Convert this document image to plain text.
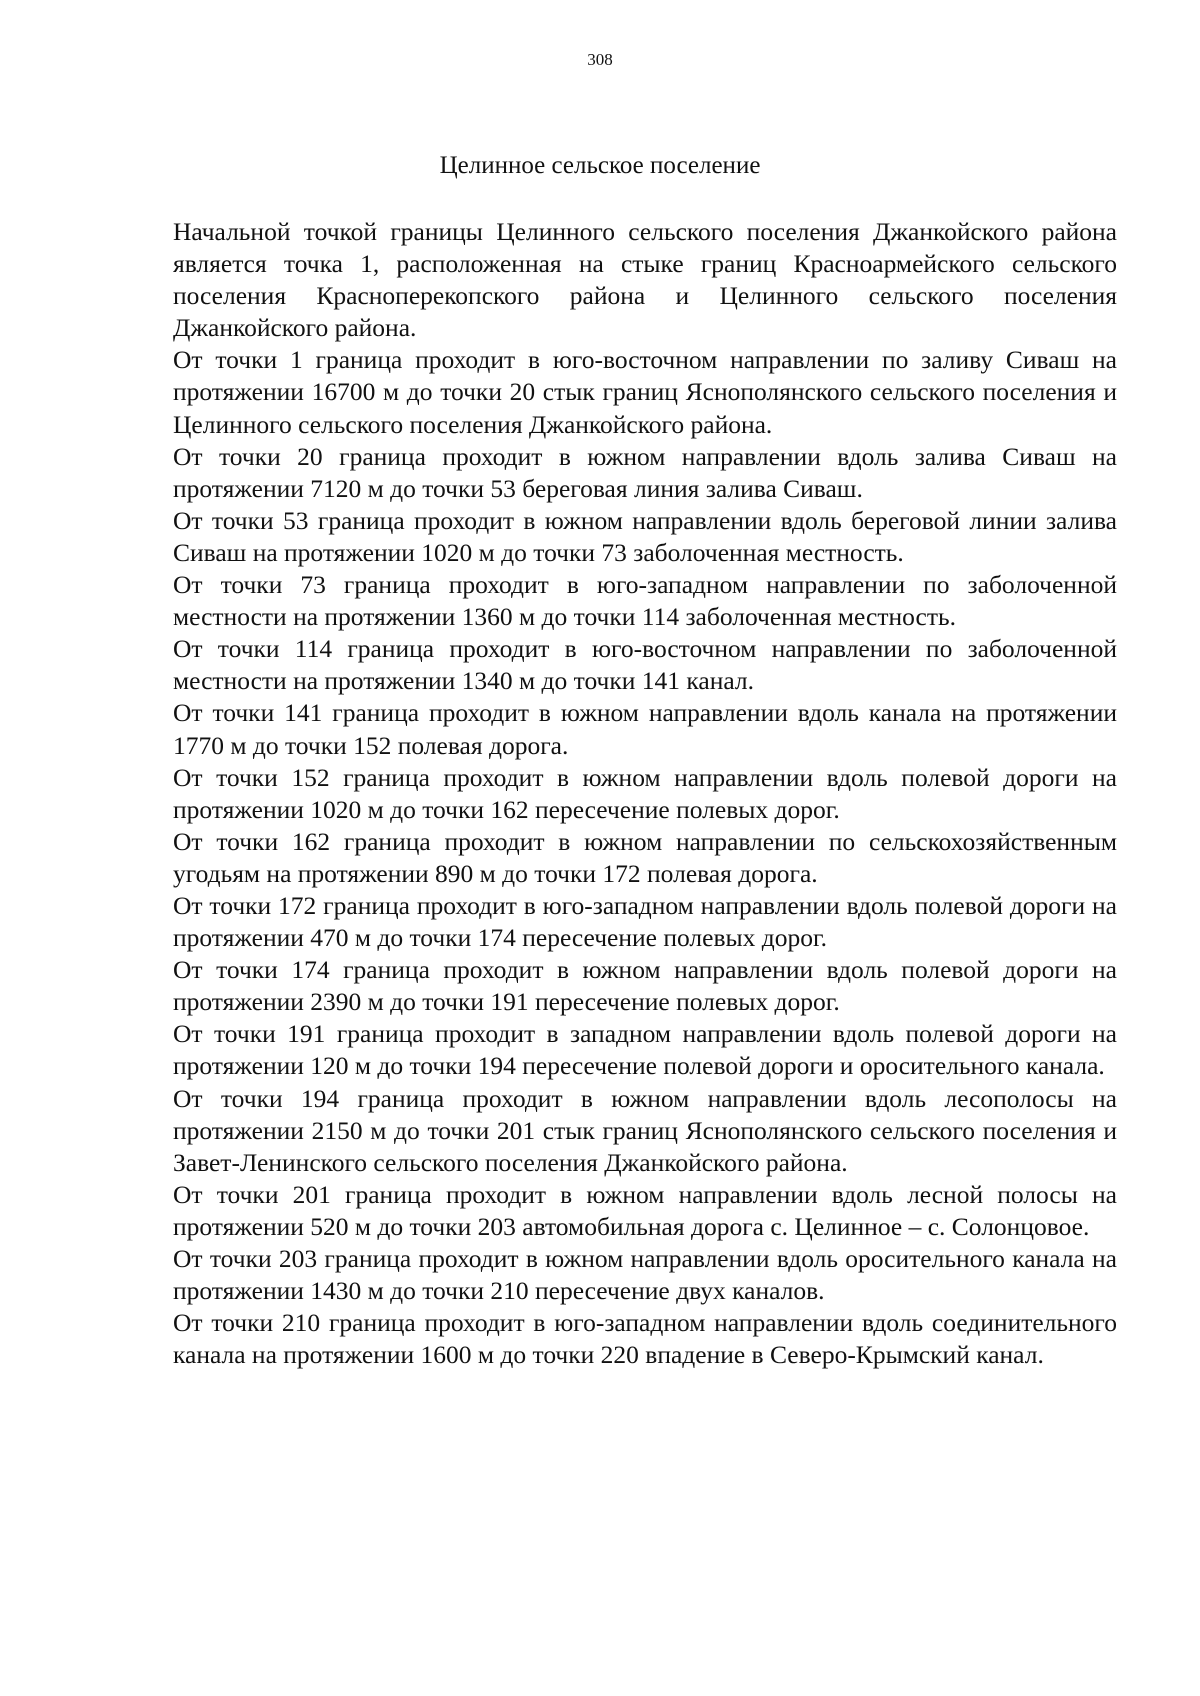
308
Целинное сельское поселение

Начальной точкой границы Целинного сельского поселения Джанкойского района является точка 1, расположенная на стыке границ Красноармейского сельского поселения Красноперекопского района и Целинного сельского поселения Джанкойского района.

От точки 1 граница проходит в юго-восточном направлении по заливу Сиваш на протяжении 16700 м до точки 20 стык границ Яснополянского сельского поселения и Целинного сельского поселения Джанкойского района.

От точки 20 граница проходит в южном направлении вдоль залива Сиваш на протяжении 7120 м до точки 53 береговая линия залива Сиваш.

От точки 53 граница проходит в южном направлении вдоль береговой линии залива Сиваш на протяжении 1020 м до точки 73 заболоченная местность.

От точки 73 граница проходит в юго-западном направлении по заболоченной местности на протяжении 1360 м до точки 114 заболоченная местность.

От точки 114 граница проходит в юго-восточном направлении по заболоченной местности на протяжении 1340 м до точки 141 канал.

От точки 141 граница проходит в южном направлении вдоль канала на протяжении 1770 м до точки 152 полевая дорога.

От точки 152 граница проходит в южном направлении вдоль полевой дороги на протяжении 1020 м до точки 162 пересечение полевых дорог.

От точки 162 граница проходит в южном направлении по сельскохозяйственным угодьям на протяжении 890 м до точки 172 полевая дорога.

От точки 172 граница проходит в юго-западном направлении вдоль полевой дороги на протяжении 470 м до точки 174 пересечение полевых дорог.

От точки 174 граница проходит в южном направлении вдоль полевой дороги на протяжении 2390 м до точки 191 пересечение полевых дорог.

От точки 191 граница проходит в западном направлении вдоль полевой дороги на протяжении 120 м до точки 194 пересечение полевой дороги и оросительного канала.

От точки 194 граница проходит в южном направлении вдоль лесополосы на протяжении 2150 м до точки 201 стык границ Яснополянского сельского поселения и Завет-Ленинского сельского поселения Джанкойского района.

От точки 201 граница проходит в южном направлении вдоль лесной полосы на протяжении 520 м до точки 203 автомобильная дорога с. Целинное – с. Солонцовое.

От точки 203 граница проходит в южном направлении вдоль оросительного канала на протяжении 1430 м до точки 210 пересечение двух каналов.

От точки 210 граница проходит в юго-западном направлении вдоль соединительного канала на протяжении 1600 м до точки 220 впадение в Северо-Крымский канал.
